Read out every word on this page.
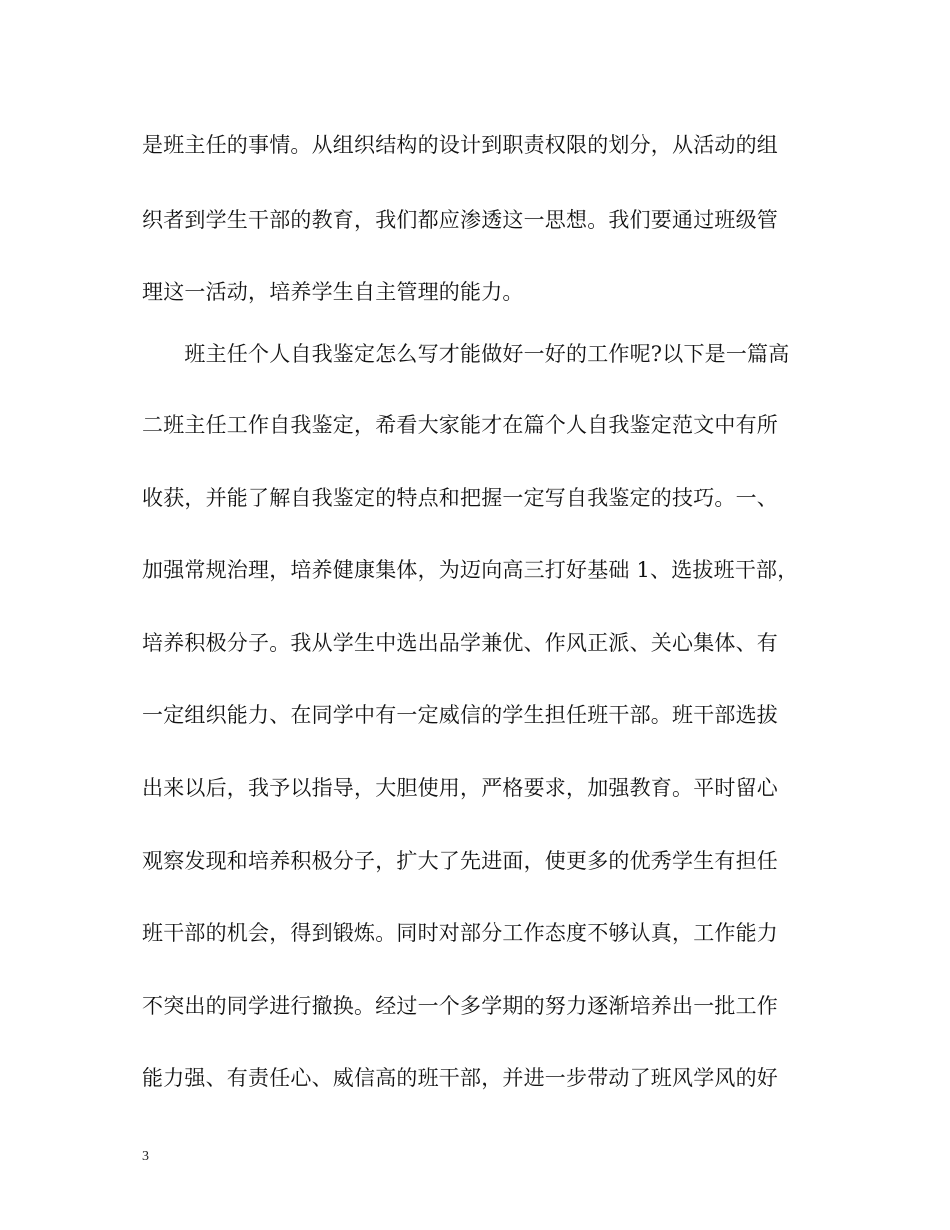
是班主任的事情。从组织结构的设计到职责权限的划分，从活动的组
织者到学生干部的教育，我们都应渗透这一思想。我们要通过班级管
理这一活动，培养学生自主管理的能力。
　　班主任个人自我鉴定怎么写才能做好一好的工作呢?以下是一篇高
二班主任工作自我鉴定，希看大家能才在篇个人自我鉴定范文中有所
收获，并能了解自我鉴定的特点和把握一定写自我鉴定的技巧。一、
加强常规治理，培养健康集体，为迈向高三打好基础 1、选拔班干部，
培养积极分子。我从学生中选出品学兼优、作风正派、关心集体、有
一定组织能力、在同学中有一定威信的学生担任班干部。班干部选拔
出来以后，我予以指导，大胆使用，严格要求，加强教育。平时留心
观察发现和培养积极分子，扩大了先进面，使更多的优秀学生有担任
班干部的机会，得到锻炼。同时对部分工作态度不够认真，工作能力
不突出的同学进行撤换。经过一个多学期的努力逐渐培养出一批工作
能力强、有责任心、威信高的班干部，并进一步带动了班风学风的好
3
